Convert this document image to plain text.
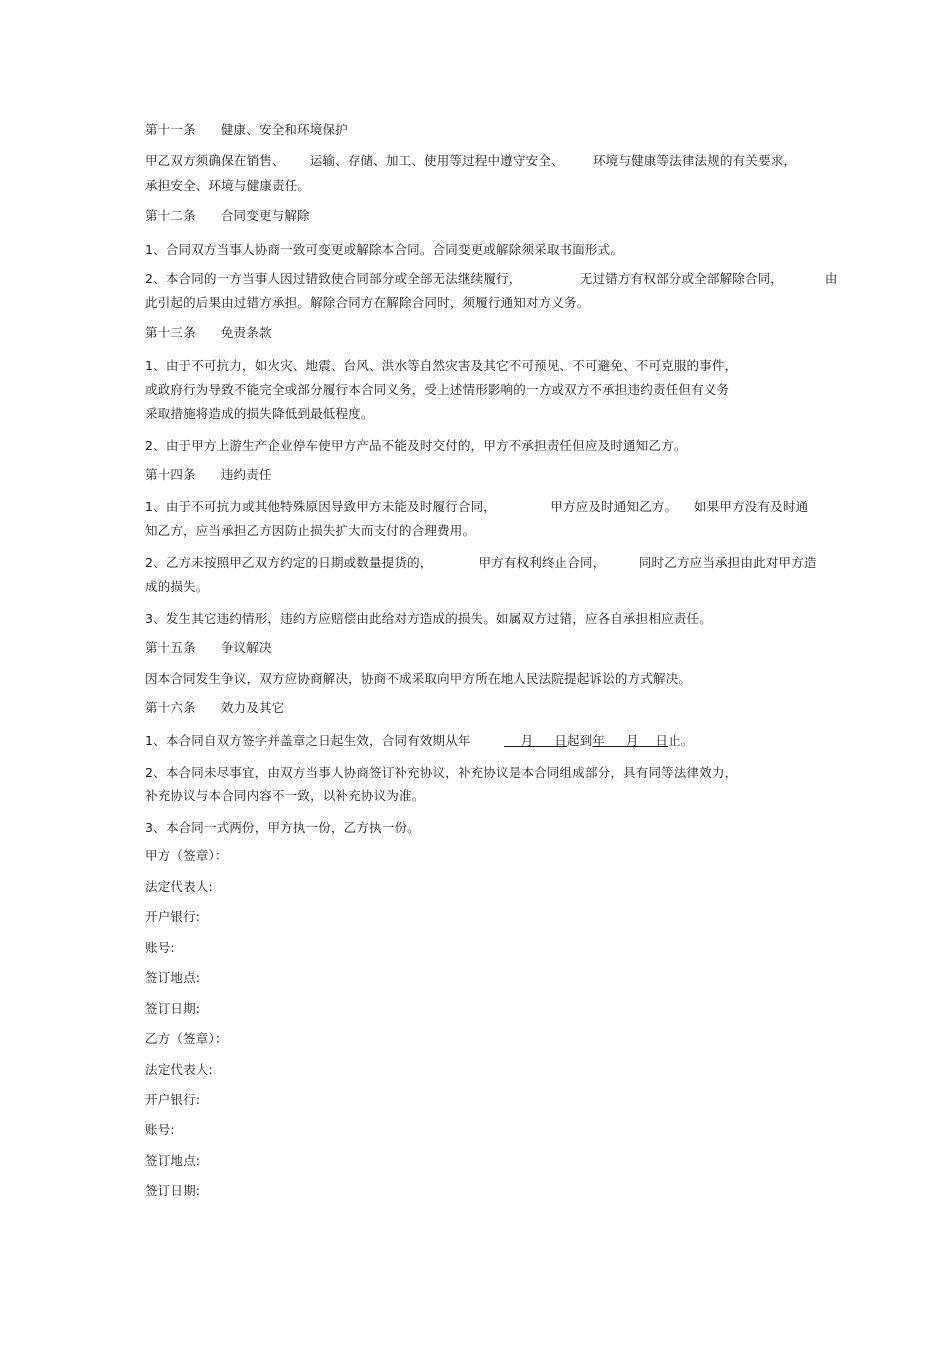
第十一条      健康、安全和环境保护
甲乙双方须确保在销售、      运输、存储、加工、使用等过程中遵守安全、       环境与健康等法律法规的有关要求，
承担安全、环境与健康责任。
第十二条      合同变更与解除
1、合同双方当事人协商一致可变更或解除本合同。合同变更或解除须采取书面形式。
2、本合同的一方当事人因过错致使合同部分或全部无法继续履行，              无过错方有权部分或全部解除合同，          由
此引起的后果由过错方承担。解除合同方在解除合同时，须履行通知对方义务。
第十三条      免责条款
1、由于不可抗力，如火灾、地震、台风、洪水等自然灾害及其它不可预见、不可避免、不可克服的事件，
或政府行为导致不能完全或部分履行本合同义务，受上述情形影响的一方或双方不承担违约责任但有义务
采取措施将造成的损失降低到最低程度。
2、由于甲方上游生产企业停车使甲方产品不能及时交付的，甲方不承担责任但应及时通知乙方。
第十四条      违约责任
1、由于不可抗力或其他特殊原因导致甲方未能及时履行合同，             甲方应及时通知乙方。    如果甲方没有及时通
知乙方，应当承担乙方因防止损失扩大而支付的合理费用。
2、乙方未按照甲乙双方约定的日期或数量提货的，           甲方有权利终止合同，        同时乙方应当承担由此对甲方造
成的损失。
3、发生其它违约情形，违约方应赔偿由此给对方造成的损失。如属双方过错，应各自承担相应责任。
第十五条      争议解决
因本合同发生争议，双方应协商解决，协商不成采取向甲方所在地人民法院提起诉讼的方式解决。
第十六条      效力及其它
1、本合同自双方签字并盖章之日起生效，合同有效期从年            月     日起到年     月    日止。
2、本合同未尽事宜，由双方当事人协商签订补充协议，补充协议是本合同组成部分，具有同等法律效力，
补充协议与本合同内容不一致，以补充协议为准。
3、本合同一式两份，甲方执一份，乙方执一份。
甲方（签章）：
法定代表人:
开户银行:
账号:
签订地点:
签订日期:
乙方（签章）：
法定代表人:
开户银行:
账号:
签订地点:
签订日期:
